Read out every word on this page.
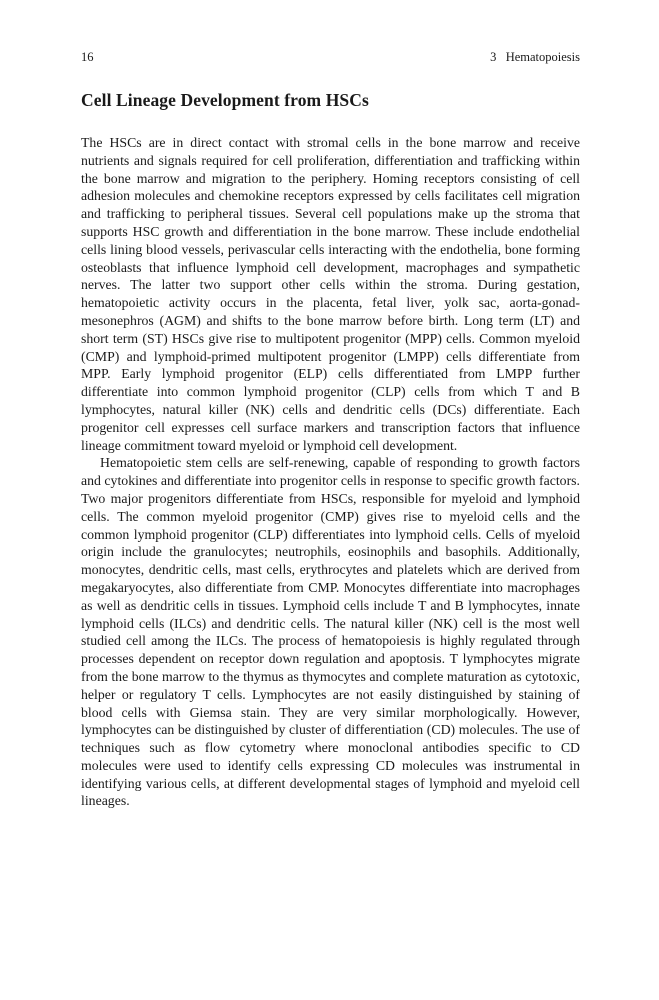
16	3   Hematopoiesis
Cell Lineage Development from HSCs

The HSCs are in direct contact with stromal cells in the bone marrow and receive nutrients and signals required for cell proliferation, differentiation and trafficking within the bone marrow and migration to the periphery. Homing receptors consisting of cell adhesion molecules and chemokine receptors expressed by cells facilitates cell migration and trafficking to peripheral tissues. Several cell populations make up the stroma that supports HSC growth and differentiation in the bone marrow. These include endothelial cells lining blood vessels, perivascular cells interacting with the endothelia, bone forming osteoblasts that influence lymphoid cell development, macrophages and sympathetic nerves. The latter two support other cells within the stroma. During gestation, hematopoietic activity occurs in the placenta, fetal liver, yolk sac, aorta-gonad-mesonephros (AGM) and shifts to the bone marrow before birth. Long term (LT) and short term (ST) HSCs give rise to multipotent progenitor (MPP) cells. Common myeloid (CMP) and lymphoid-primed multipotent progenitor (LMPP) cells differentiate from MPP. Early lymphoid progenitor (ELP) cells differentiated from LMPP further differentiate into common lymphoid progenitor (CLP) cells from which T and B lymphocytes, natural killer (NK) cells and dendritic cells (DCs) differentiate. Each progenitor cell expresses cell surface markers and transcription factors that influence lineage commitment toward myeloid or lymphoid cell development.

Hematopoietic stem cells are self-renewing, capable of responding to growth factors and cytokines and differentiate into progenitor cells in response to specific growth factors. Two major progenitors differentiate from HSCs, responsible for myeloid and lymphoid cells. The common myeloid progenitor (CMP) gives rise to myeloid cells and the common lymphoid progenitor (CLP) differentiates into lymphoid cells. Cells of myeloid origin include the granulocytes; neutrophils, eosinophils and basophils. Additionally, monocytes, dendritic cells, mast cells, erythrocytes and platelets which are derived from megakaryocytes, also differentiate from CMP. Monocytes differentiate into macrophages as well as dendritic cells in tissues. Lymphoid cells include T and B lymphocytes, innate lymphoid cells (ILCs) and dendritic cells. The natural killer (NK) cell is the most well studied cell among the ILCs. The process of hematopoiesis is highly regulated through processes dependent on receptor down regulation and apoptosis. T lymphocytes migrate from the bone marrow to the thymus as thymocytes and complete maturation as cytotoxic, helper or regulatory T cells. Lymphocytes are not easily distinguished by staining of blood cells with Giemsa stain. They are very similar morphologically. However, lymphocytes can be distinguished by cluster of differentiation (CD) molecules. The use of techniques such as flow cytometry where monoclonal antibodies specific to CD molecules were used to identify cells expressing CD molecules was instrumental in identifying various cells, at different developmental stages of lymphoid and myeloid cell lineages.
